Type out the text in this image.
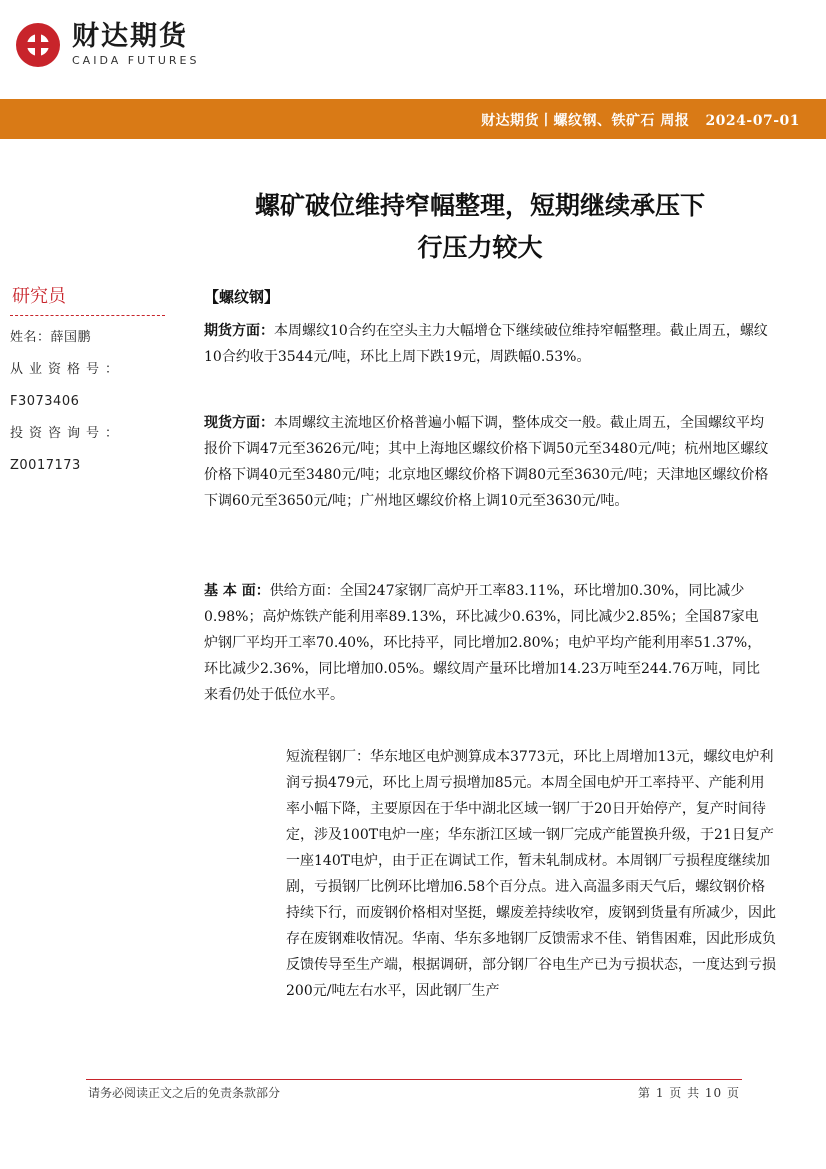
财达期货
CAIDA FUTURES
财达期货丨螺纹钢、铁矿石 周报 2024-07-01
螺矿破位维持窄幅整理，短期继续承压下
行压力较大
研究员
姓名：薛国鹏
从业资格号：
F3073406
投资咨询号：
Z0017173
【螺纹钢】
期货方面：本周螺纹10合约在空头主力大幅增仓下继续破位维持窄幅整理。截止周五，螺纹10合约收于3544元/吨，环比上周下跌19元，周跌幅0.53%。
现货方面：本周螺纹主流地区价格普遍小幅下调，整体成交一般。截止周五，全国螺纹平均报价下调47元至3626元/吨；其中上海地区螺纹价格下调50元至3480元/吨；杭州地区螺纹价格下调40元至3480元/吨；北京地区螺纹价格下调80元至3630元/吨；天津地区螺纹价格下调60元至3650元/吨；广州地区螺纹价格上调10元至3630元/吨。
基 本 面：供给方面：全国247家钢厂高炉开工率83.11%，环比增加0.30%，同比减少0.98%；高炉炼铁产能利用率89.13%，环比减少0.63%，同比减少2.85%；全国87家电炉钢厂平均开工率70.40%，环比持平，同比增加2.80%；电炉平均产能利用率51.37%，环比减少2.36%，同比增加0.05%。螺纹周产量环比增加14.23万吨至244.76万吨，同比来看仍处于低位水平。
短流程钢厂：华东地区电炉测算成本3773元，环比上周增加13元，螺纹电炉利润亏损479元，环比上周亏损增加85元。本周全国电炉开工率持平、产能利用率小幅下降，主要原因在于华中湖北区域一钢厂于20日开始停产，复产时间待定，涉及100T电炉一座；华东浙江区域一钢厂完成产能置换升级，于21日复产一座140T电炉，由于正在调试工作，暂未轧制成材。本周钢厂亏损程度继续加剧，亏损钢厂比例环比增加6.58个百分点。进入高温多雨天气后，螺纹钢价格持续下行，而废钢价格相对坚挺，螺废差持续收窄，废钢到货量有所减少，因此存在废钢难收情况。华南、华东多地钢厂反馈需求不佳、销售困难，因此形成负反馈传导至生产端，根据调研，部分钢厂谷电生产已为亏损状态，一度达到亏损200元/吨左右水平，因此钢厂生产
请务必阅读正文之后的免责条款部分	第 1 页 共 10 页
